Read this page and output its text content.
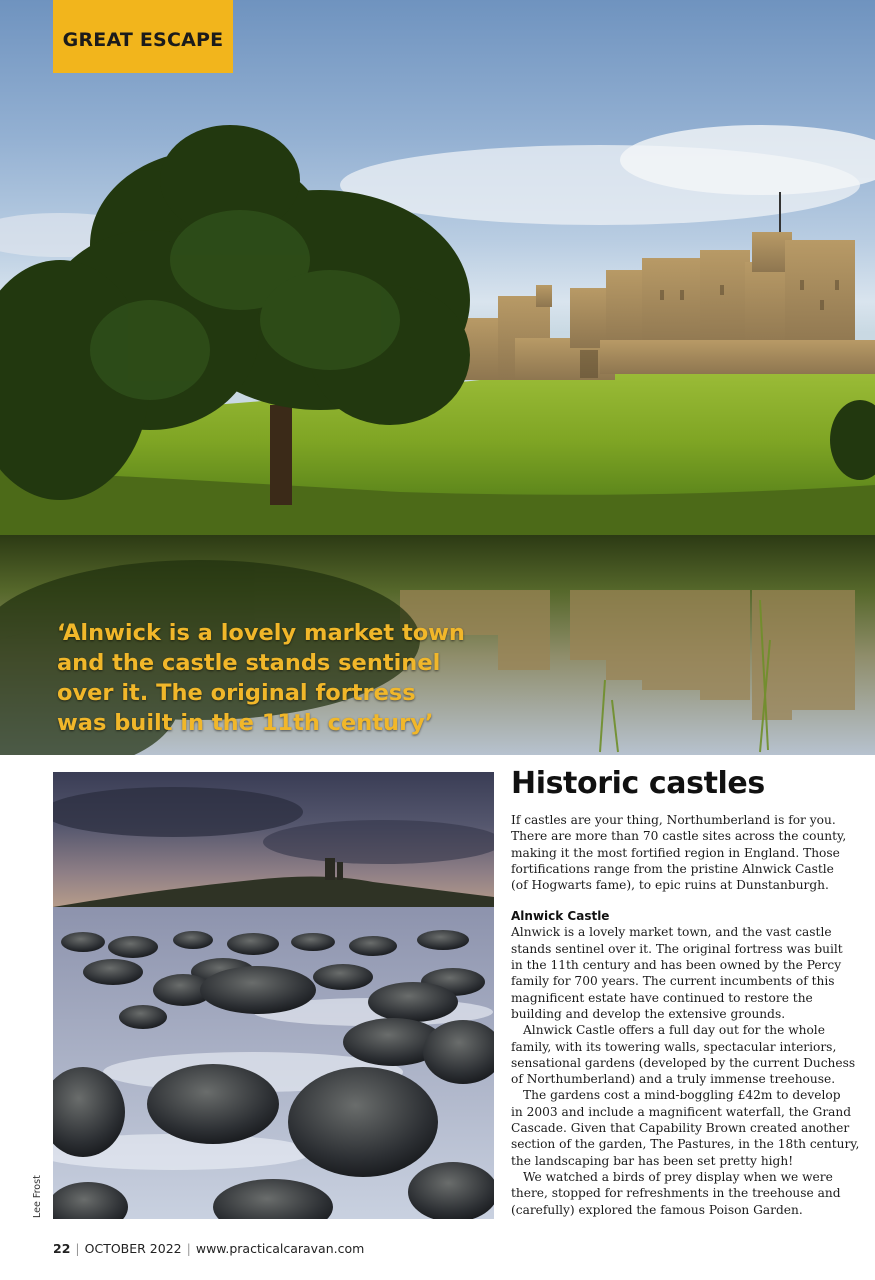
GREAT ESCAPE
‘Alnwick is a lovely market town
and the castle stands sentinel
over it. The original fortress
was built in the 11th century’
Lee Frost
Historic castles

If castles are your thing, Northumberland is for you.
There are more than 70 castle sites across the county,
making it the most fortified region in England. Those
fortifications range from the pristine Alnwick Castle
(of Hogwarts fame), to epic ruins at Dunstanburgh.

Alnwick Castle

Alnwick is a lovely market town, and the vast castle
stands sentinel over it. The original fortress was built
in the 11th century and has been owned by the Percy
family for 700 years. The current incumbents of this
magnificent estate have continued to restore the
building and develop the extensive grounds.

Alnwick Castle offers a full day out for the whole
family, with its towering walls, spectacular interiors,
sensational gardens (developed by the current Duchess
of Northumberland) and a truly immense treehouse.

The gardens cost a mind-boggling £42m to develop
in 2003 and include a magnificent waterfall, the Grand
Cascade. Given that Capability Brown created another
section of the garden, The Pastures, in the 18th century,
the landscaping bar has been set pretty high!

We watched a birds of prey display when we were
there, stopped for refreshments in the treehouse and
(carefully) explored the famous Poison Garden.

22 | OCTOBER 2022 | www.practicalcaravan.com
